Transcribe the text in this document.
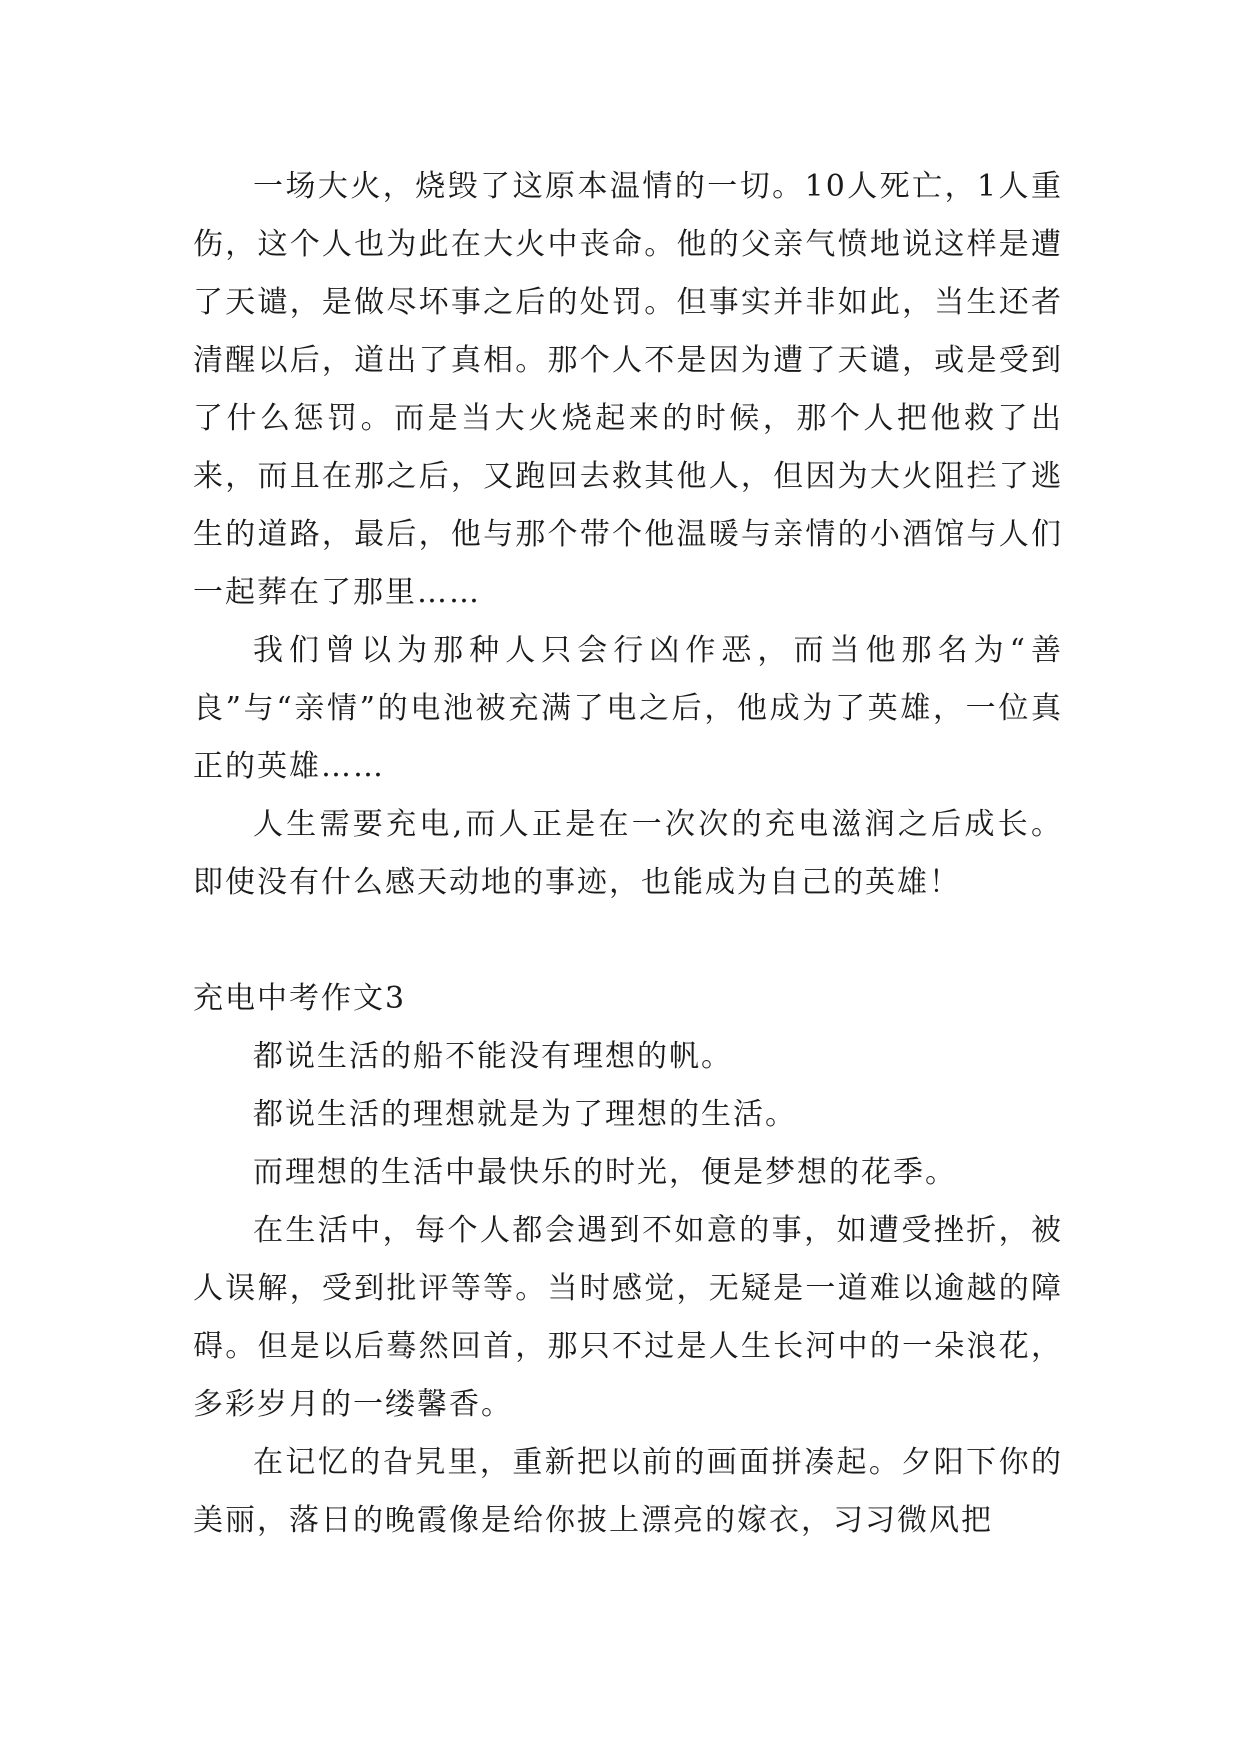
一场大火，烧毁了这原本温情的一切。10人死亡，1人重伤，这个人也为此在大火中丧命。他的父亲气愤地说这样是遭了天谴，是做尽坏事之后的处罚。但事实并非如此，当生还者清醒以后，道出了真相。那个人不是因为遭了天谴，或是受到了什么惩罚。而是当大火烧起来的时候，那个人把他救了出来，而且在那之后，又跑回去救其他人，但因为大火阻拦了逃生的道路，最后，他与那个带个他温暖与亲情的小酒馆与人们一起葬在了那里……

我们曾以为那种人只会行凶作恶，而当他那名为“善良”与“亲情”的电池被充满了电之后，他成为了英雄，一位真正的英雄……

人生需要充电,而人正是在一次次的充电滋润之后成长。即使没有什么感天动地的事迹，也能成为自己的英雄！

充电中考作文3

都说生活的船不能没有理想的帆。

都说生活的理想就是为了理想的生活。

而理想的生活中最快乐的时光，便是梦想的花季。

在生活中，每个人都会遇到不如意的事，如遭受挫折，被人误解，受到批评等等。当时感觉，无疑是一道难以逾越的障碍。但是以后蓦然回首，那只不过是人生长河中的一朵浪花，多彩岁月的一缕馨香。

在记忆的旮旯里，重新把以前的画面拼凑起。夕阳下你的美丽，落日的晚霞像是给你披上漂亮的嫁衣，习习微风把
